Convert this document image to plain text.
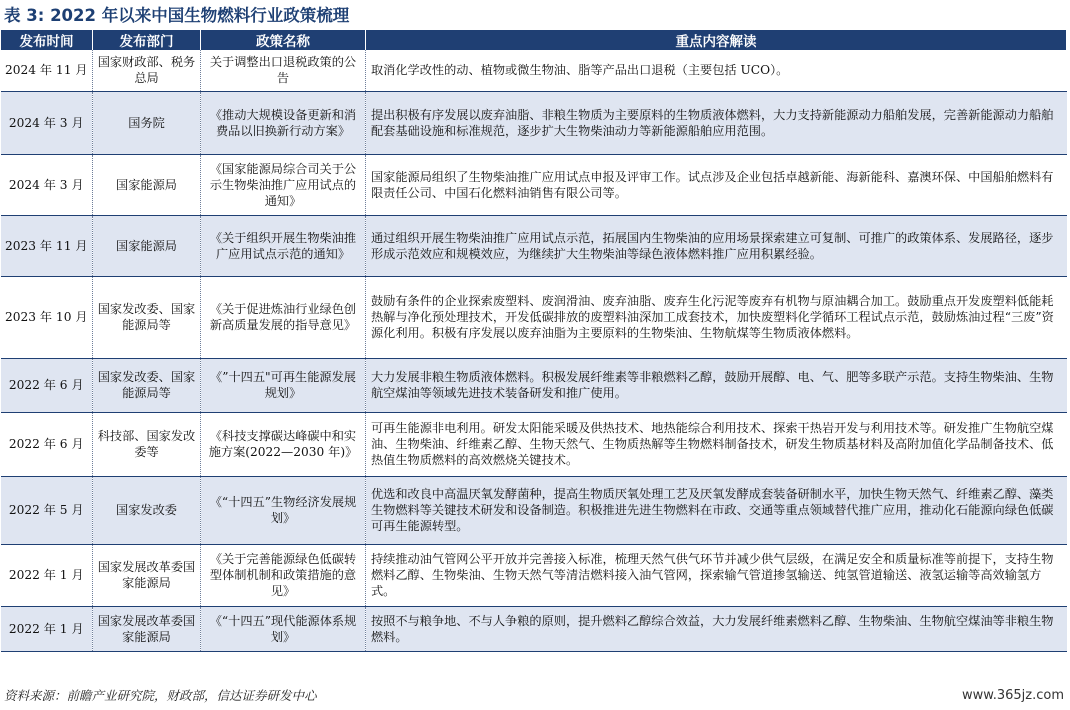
表 3: 2022 年以来中国生物燃料行业政策梳理
发布时间	发布部门	政策名称	重点内容解读
2024 年 11 月	国家财政部、税务总局	关于调整出口退税政策的公告	取消化学改性的动、植物或微生物油、脂等产品出口退税（主要包括 UCO）。
2024 年 3 月	国务院	《推动大规模设备更新和消费品以旧换新行动方案》	提出积极有序发展以废弃油脂、非粮生物质为主要原料的生物质液体燃料，大力支持新能源动力船舶发展，完善新能源动力船舶配套基础设施和标准规范，逐步扩大生物柴油动力等新能源船舶应用范围。
2024 年 3 月	国家能源局	《国家能源局综合司关于公示生物柴油推广应用试点的通知》	国家能源局组织了生物柴油推广应用试点申报及评审工作。试点涉及企业包括卓越新能、海新能科、嘉澳环保、中国船舶燃料有限责任公司、中国石化燃料油销售有限公司等。
2023 年 11 月	国家能源局	《关于组织开展生物柴油推广应用试点示范的通知》	通过组织开展生物柴油推广应用试点示范，拓展国内生物柴油的应用场景探索建立可复制、可推广的政策体系、发展路径，逐步形成示范效应和规模效应，为继续扩大生物柴油等绿色液体燃料推广应用积累经验。
2023 年 10 月	国家发改委、国家能源局等	《关于促进炼油行业绿色创新高质量发展的指导意见》	鼓励有条件的企业探索废塑料、废润滑油、废弃油脂、废弃生化污泥等废弃有机物与原油耦合加工。鼓励重点开发废塑料低能耗热解与净化预处理技术，开发低碳排放的废塑料油深加工成套技术，加快废塑料化学循环工程试点示范，鼓励炼油过程“三废”资源化利用。积极有序发展以废弃油脂为主要原料的生物柴油、生物航煤等生物质液体燃料。
2022 年 6 月	国家发改委、国家能源局等	《”十四五"可再生能源发展规划》	大力发展非粮生物质液体燃料。积极发展纤维素等非粮燃料乙醇，鼓励开展醇、电、气、肥等多联产示范。支持生物柴油、生物航空煤油等领域先进技术装备研发和推广使用。
2022 年 6 月	科技部、国家发改委等	《科技支撑碳达峰碳中和实施方案(2022—2030 年)》	可再生能源非电利用。研发太阳能采暖及供热技术、地热能综合利用技术、探索干热岩开发与利用技术等。研发推广生物航空煤油、生物柴油、纤维素乙醇、生物天然气、生物质热解等生物燃料制备技术，研发生物质基材料及高附加值化学品制备技术、低热值生物质燃料的高效燃烧关键技术。
2022 年 5 月	国家发改委	《“十四五”生物经济发展规划》	优选和改良中高温厌氧发酵菌种，提高生物质厌氧处理工艺及厌氧发酵成套装备研制水平，加快生物天然气、纤维素乙醇、藻类生物燃料等关键技术研发和设备制造。积极推进先进生物燃料在市政、交通等重点领域替代推广应用，推动化石能源向绿色低碳可再生能源转型。
2022 年 1 月	国家发展改革委国家能源局	《关于完善能源绿色低碳转型体制机制和政策措施的意见》	持续推动油气管网公平开放并完善接入标准，梳理天然气供气环节并减少供气层级，在满足安全和质量标准等前提下，支持生物燃料乙醇、生物柴油、生物天然气等清洁燃料接入油气管网，探索输气管道掺氢输送、纯氢管道输送、液氢运输等高效输氢方式。
2022 年 1 月	国家发展改革委国家能源局	《“十四五”现代能源体系规划》	按照不与粮争地、不与人争粮的原则，提升燃料乙醇综合效益，大力发展纤维素燃料乙醇、生物柴油、生物航空煤油等非粮生物燃料。
资料来源：前瞻产业研究院，财政部，信达证券研发中心	www.365jz.com
